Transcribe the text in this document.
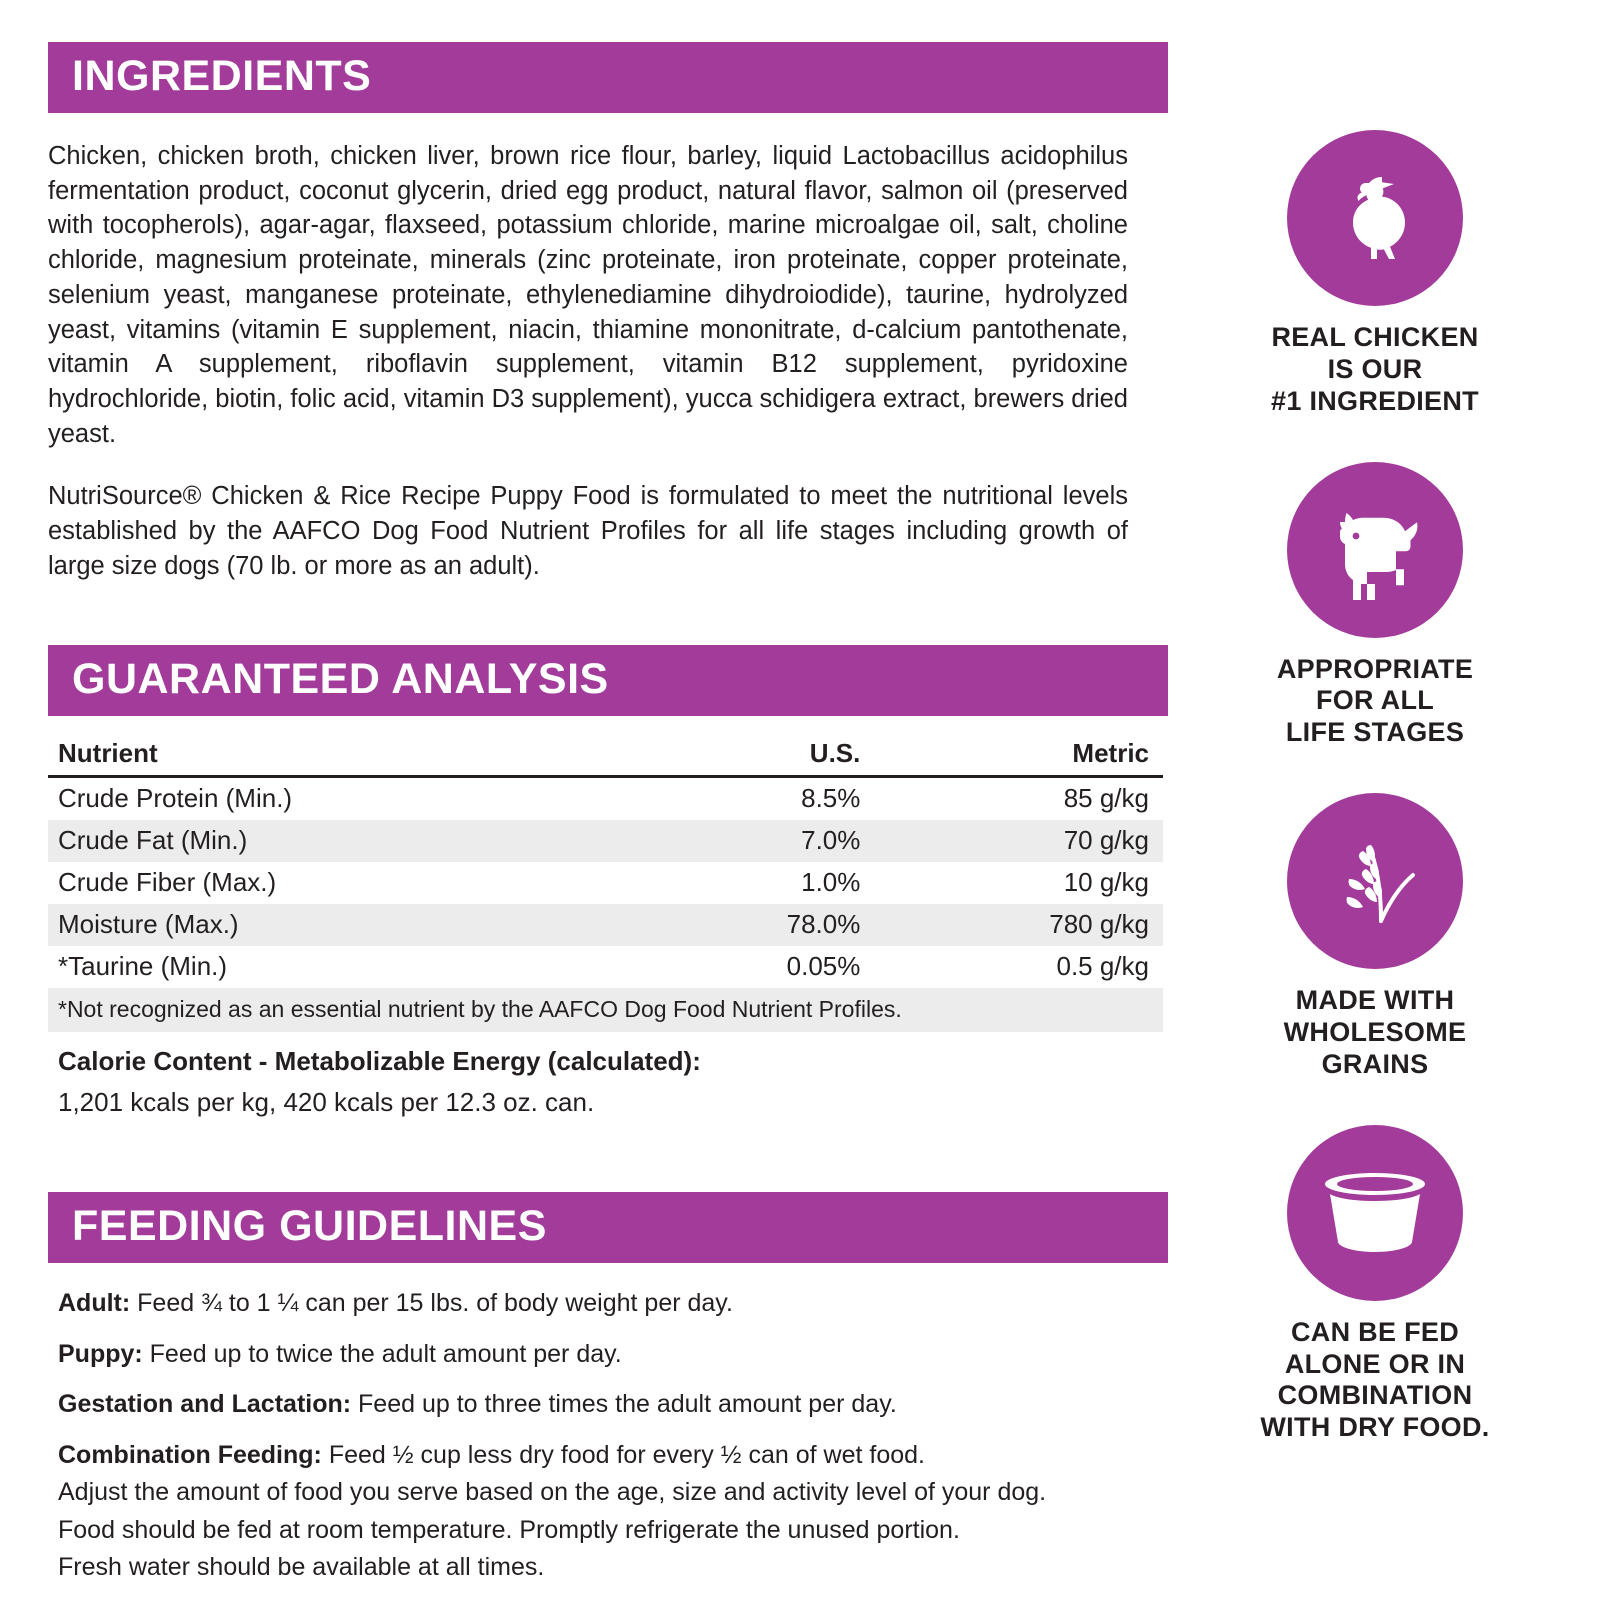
INGREDIENTS
Chicken, chicken broth, chicken liver, brown rice flour, barley, liquid Lactobacillus acidophilus fermentation product, coconut glycerin, dried egg product, natural flavor, salmon oil (preserved with tocopherols), agar-agar, flaxseed, potassium chloride, marine microalgae oil, salt, choline chloride, magnesium proteinate, minerals (zinc proteinate, iron proteinate, copper proteinate, selenium yeast, manganese proteinate, ethylenediamine dihydroiodide), taurine, hydrolyzed yeast, vitamins (vitamin E supplement, niacin, thiamine mononitrate, d-calcium pantothenate, vitamin A supplement, riboflavin supplement, vitamin B12 supplement, pyridoxine hydrochloride, biotin, folic acid, vitamin D3 supplement), yucca schidigera extract, brewers dried yeast.
NutriSource® Chicken & Rice Recipe Puppy Food is formulated to meet the nutritional levels established by the AAFCO Dog Food Nutrient Profiles for all life stages including growth of large size dogs (70 lb. or more as an adult).
GUARANTEED ANALYSIS
Nutrient	U.S.	Metric
Crude Protein (Min.)	8.5%	85 g/kg
Crude Fat (Min.)	7.0%	70 g/kg
Crude Fiber (Max.)	1.0%	10 g/kg
Moisture (Max.)	78.0%	780 g/kg
*Taurine (Min.)	0.05%	0.5 g/kg
*Not recognized as an essential nutrient by the AAFCO Dog Food Nutrient Profiles.
Calorie Content - Metabolizable Energy (calculated):
1,201 kcals per kg, 420 kcals per 12.3 oz. can.
FEEDING GUIDELINES
Adult: Feed ¾ to 1 ¼ can per 15 lbs. of body weight per day.
Puppy: Feed up to twice the adult amount per day.
Gestation and Lactation: Feed up to three times the adult amount per day.
Combination Feeding: Feed ½ cup less dry food for every ½ can of wet food.
Adjust the amount of food you serve based on the age, size and activity level of your dog.
Food should be fed at room temperature. Promptly refrigerate the unused portion.
Fresh water should be available at all times.
REAL CHICKEN
IS OUR
#1 INGREDIENT
APPROPRIATE
FOR ALL
LIFE STAGES
MADE WITH
WHOLESOME
GRAINS
CAN BE FED
ALONE OR IN
COMBINATION
WITH DRY FOOD.
